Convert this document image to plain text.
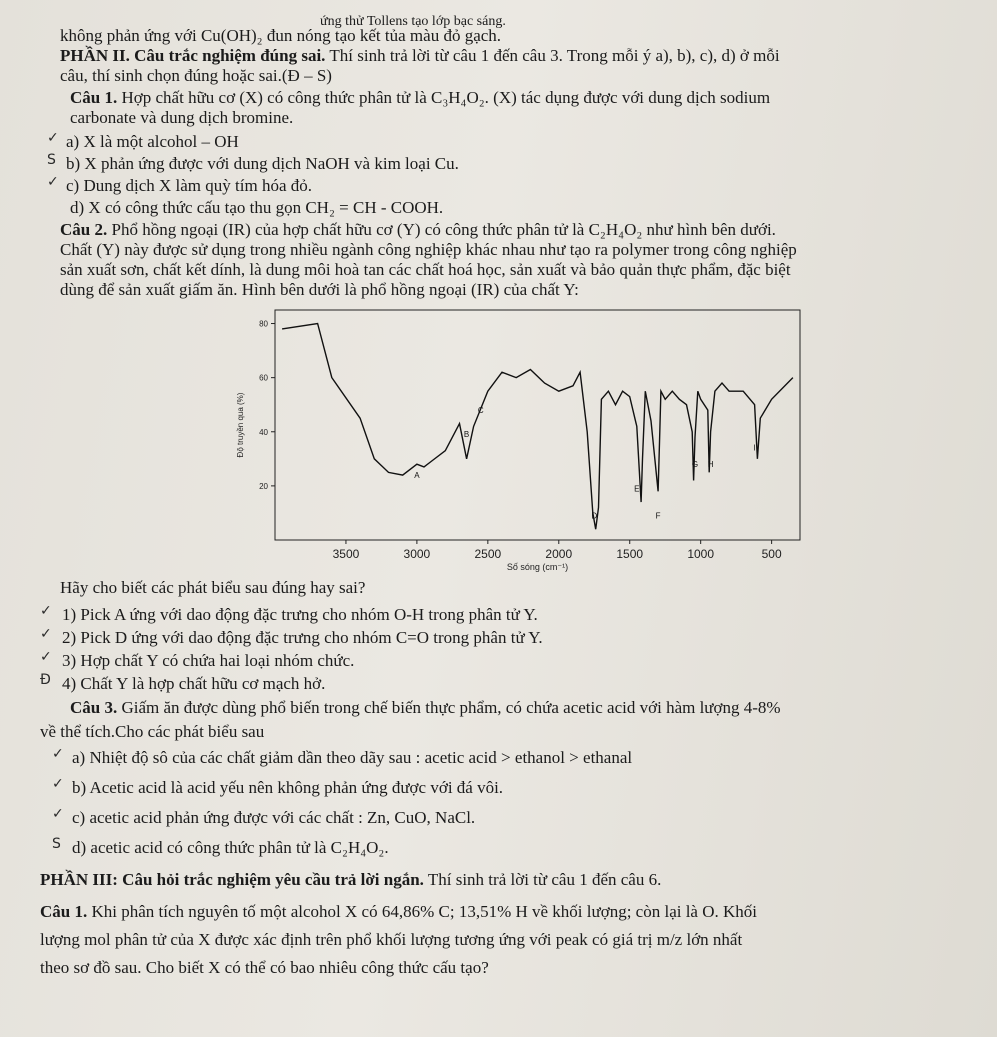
ứng thử Tollens tạo lớp bạc sáng.
không phản ứng với Cu(OH)₂ đun nóng tạo kết tủa màu đỏ gạch.
PHẦN II. Câu trắc nghiệm đúng sai. Thí sinh trả lời từ câu 1 đến câu 3. Trong mỗi ý a), b), c), d) ở mỗi
câu, thí sinh chọn đúng hoặc sai.(Đ – S)
Câu 1. Hợp chất hữu cơ (X) có công thức phân tử là C₃H₄O₂. (X) tác dụng được với dung dịch sodium
carbonate và dung dịch bromine.
✓ a) X là một alcohol – OH
S b) X phản ứng được với dung dịch NaOH và kim loại Cu.
✓ c) Dung dịch X làm quỳ tím hóa đỏ.
d) X có công thức cấu tạo thu gọn CH₂ = CH - COOH.
Câu 2. Phổ hồng ngoại (IR) của hợp chất hữu cơ (Y) có công thức phân tử là C₂H₄O₂ như hình bên dưới.
Chất (Y) này được sử dụng trong nhiều ngành công nghiệp khác nhau như tạo ra polymer trong công nghiệp
sản xuất sơn, chất kết dính, là dung môi hoà tan các chất hoá học, sản xuất và bảo quản thực phẩm, đặc biệt
dùng để sản xuất giấm ăn. Hình bên dưới là phổ hồng ngoại (IR) của chất Y:
3500	3000	2500	2000	1500	1000	500
20
40
60
80
Số sóng (cm⁻¹)
Độ truyền qua (%)
A
B
C
D
E
F
G H
I
Hãy cho biết các phát biểu sau đúng hay sai?
✓ 1) Pick A ứng với dao động đặc trưng cho nhóm O-H trong phân tử Y.
✓ 2) Pick D ứng với dao động đặc trưng cho nhóm C=O trong phân tử Y.
✓ 3) Hợp chất Y có chứa hai loại nhóm chức.
Đ 4) Chất Y là hợp chất hữu cơ mạch hở.
Câu 3. Giấm ăn được dùng phổ biến trong chế biến thực phẩm, có chứa acetic acid với hàm lượng 4-8%
về thể tích.Cho các phát biểu sau
✓ a) Nhiệt độ sô của các chất giảm dần theo dãy sau : acetic acid > ethanol > ethanal
✓ b) Acetic acid là acid yếu nên không phản ứng được với đá vôi.
✓ c) acetic acid phản ứng được với các chất : Zn, CuO, NaCl.
S d) acetic acid có công thức phân tử là C₂H₄O₂.
PHẦN III: Câu hỏi trắc nghiệm yêu cầu trả lời ngắn. Thí sinh trả lời từ câu 1 đến câu 6.
Câu 1. Khi phân tích nguyên tố một alcohol X có 64,86% C; 13,51% H về khối lượng; còn lại là O. Khối
lượng mol phân tử của X được xác định trên phổ khối lượng tương ứng với peak có giá trị m/z lớn nhất
theo sơ đồ sau. Cho biết X có thể có bao nhiêu công thức cấu tạo?
